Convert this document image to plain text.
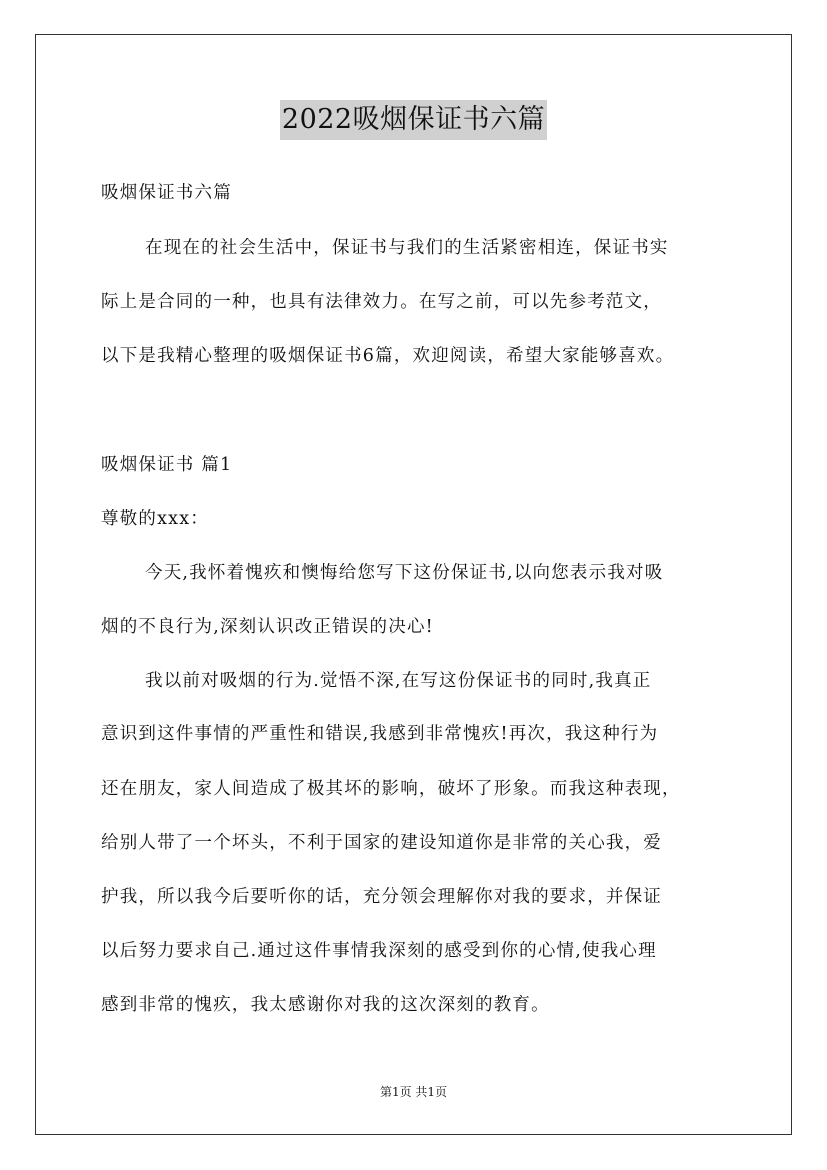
2022吸烟保证书六篇
吸烟保证书六篇
在现在的社会生活中，保证书与我们的生活紧密相连，保证书实
际上是合同的一种，也具有法律效力。在写之前，可以先参考范文，
以下是我精心整理的吸烟保证书6篇，欢迎阅读，希望大家能够喜欢。
吸烟保证书 篇1
尊敬的xxx：
今天,我怀着愧疚和懊悔给您写下这份保证书,以向您表示我对吸
烟的不良行为,深刻认识改正错误的决心!
我以前对吸烟的行为.觉悟不深,在写这份保证书的同时,我真正
意识到这件事情的严重性和错误,我感到非常愧疚!再次，我这种行为
还在朋友，家人间造成了极其坏的影响，破坏了形象。而我这种表现，
给别人带了一个坏头，不利于国家的建设知道你是非常的关心我，爱
护我，所以我今后要听你的话，充分领会理解你对我的要求，并保证
以后努力要求自己.通过这件事情我深刻的感受到你的心情,使我心理
感到非常的愧疚，我太感谢你对我的这次深刻的教育。
第1页 共1页
